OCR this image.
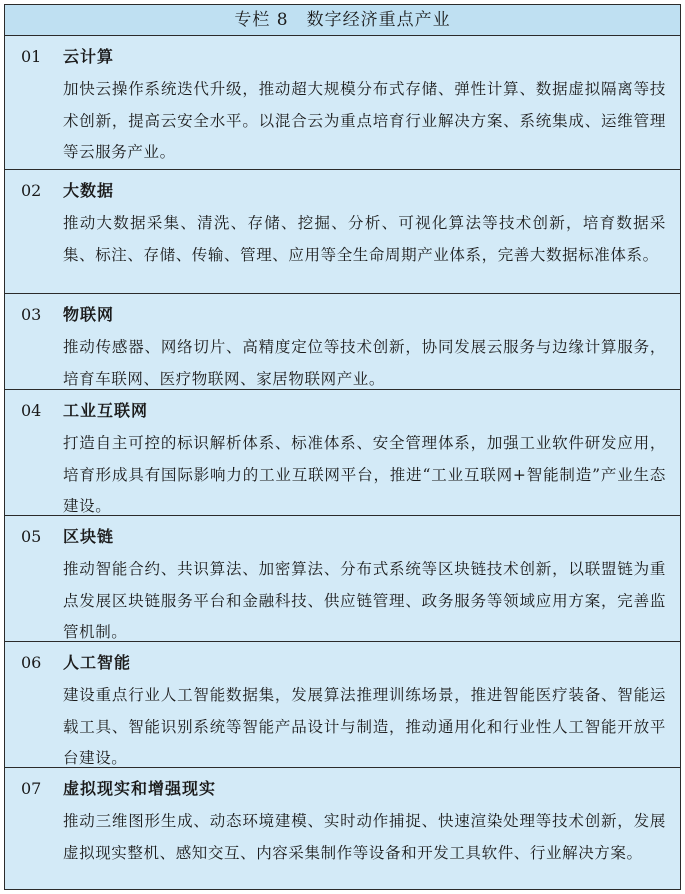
专栏 8　数字经济重点产业
01	云计算
加快云操作系统迭代升级，推动超大规模分布式存储、弹性计算、数据虚拟隔离等技术创新，提高云安全水平。以混合云为重点培育行业解决方案、系统集成、运维管理等云服务产业。
02	大数据
推动大数据采集、清洗、存储、挖掘、分析、可视化算法等技术创新，培育数据采集、标注、存储、传输、管理、应用等全生命周期产业体系，完善大数据标准体系。
03	物联网
推动传感器、网络切片、高精度定位等技术创新，协同发展云服务与边缘计算服务，培育车联网、医疗物联网、家居物联网产业。
04	工业互联网
打造自主可控的标识解析体系、标准体系、安全管理体系，加强工业软件研发应用，培育形成具有国际影响力的工业互联网平台，推进“工业互联网+智能制造”产业生态建设。
05	区块链
推动智能合约、共识算法、加密算法、分布式系统等区块链技术创新，以联盟链为重点发展区块链服务平台和金融科技、供应链管理、政务服务等领域应用方案，完善监管机制。
06	人工智能
建设重点行业人工智能数据集，发展算法推理训练场景，推进智能医疗装备、智能运载工具、智能识别系统等智能产品设计与制造，推动通用化和行业性人工智能开放平台建设。
07	虚拟现实和增强现实
推动三维图形生成、动态环境建模、实时动作捕捉、快速渲染处理等技术创新，发展虚拟现实整机、感知交互、内容采集制作等设备和开发工具软件、行业解决方案。
